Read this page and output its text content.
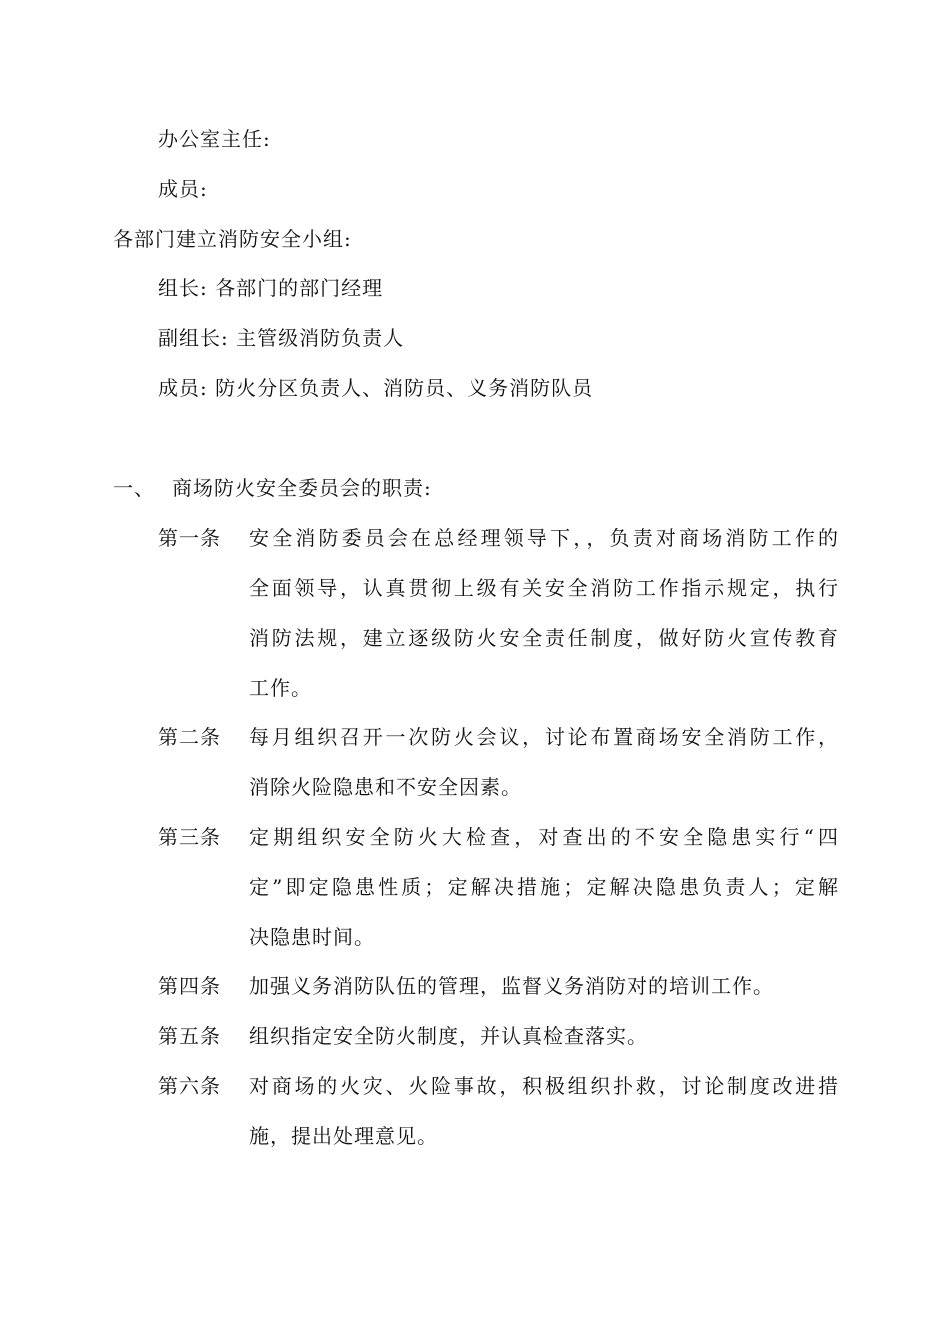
办公室主任:
成员:
各部门建立消防安全小组:
组长: 各部门的部门经理
副组长: 主管级消防负责人
成员: 防火分区负责人、消防员、义务消防队员
一、 商场防火安全委员会的职责:
第一条 安全消防委员会在总经理领导下，，负责对商场消防工作的
全面领导，认真贯彻上级有关安全消防工作指示规定，执行
消防法规，建立逐级防火安全责任制度，做好防火宣传教育
工作。
第二条 每月组织召开一次防火会议，讨论布置商场安全消防工作，
消除火险隐患和不安全因素。
第三条 定期组织安全防火大检查，对查出的不安全隐患实行“四
定”即定隐患性质；定解决措施；定解决隐患负责人；定解
决隐患时间。
第四条 加强义务消防队伍的管理，监督义务消防对的培训工作。
第五条 组织指定安全防火制度，并认真检查落实。
第六条 对商场的火灾、火险事故，积极组织扑救，讨论制度改进措
施，提出处理意见。
